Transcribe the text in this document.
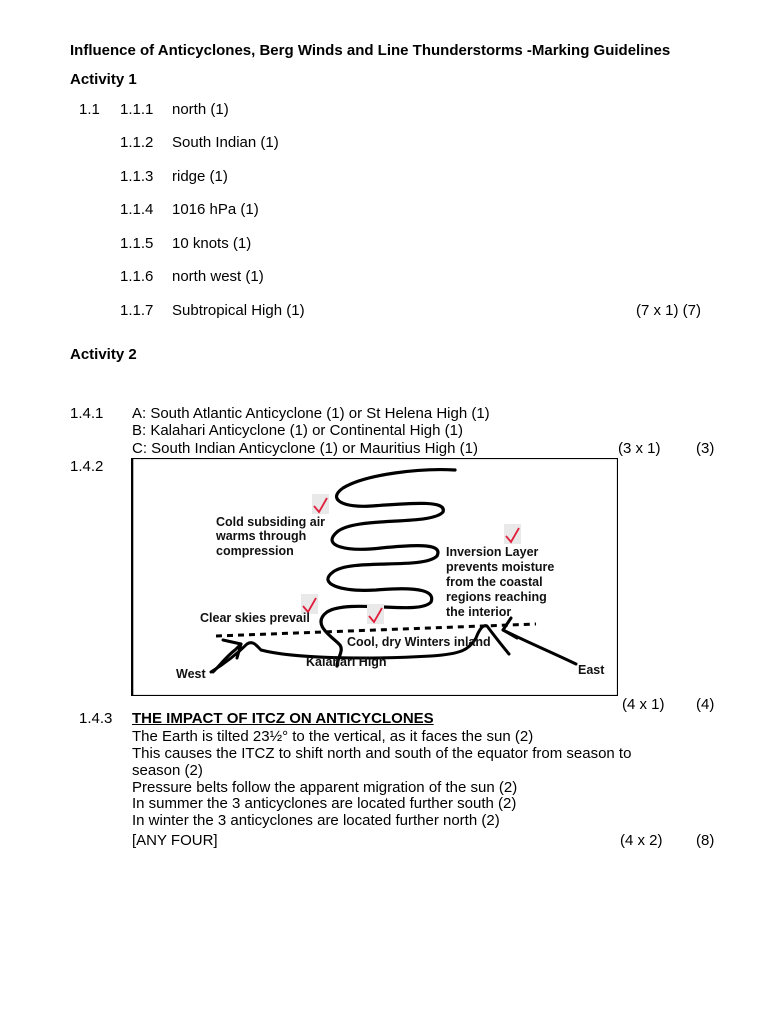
Influence of Anticyclones, Berg Winds and Line Thunderstorms -Marking Guidelines
Activity 1
1.1 1.1.1 north (1)
1.1.2 South Indian (1)
1.1.3 ridge (1)
1.1.4 1016 hPa (1)
1.1.5 10 knots (1)
1.1.6 north west (1)
1.1.7 Subtropical High (1)	(7 x 1) (7)
Activity 2
1.4.1 A: South Atlantic Anticyclone (1) or St Helena High (1)
B: Kalahari Anticyclone (1) or Continental High (1)
C: South Indian Anticyclone (1) or Mauritius High (1)	(3 x 1) (3)
1.4.2
Cold subsiding air
warms through
compression	Inversion Layer
prevents moisture
from the coastal
regions reaching
the interior
Clear skies prevail
Cool, dry Winters inland
Kalahari High
West	East
(4 x 1) (4)
1.4.3 THE IMPACT OF ITCZ ON ANTICYCLONES
The Earth is tilted 23½° to the vertical, as it faces the sun (2)
This causes the ITCZ to shift north and south of the equator from season to
season (2)
Pressure belts follow the apparent migration of the sun (2)
In summer the 3 anticyclones are located further south (2)
In winter the 3 anticyclones are located further north (2)
[ANY FOUR]	(4 x 2) (8)
